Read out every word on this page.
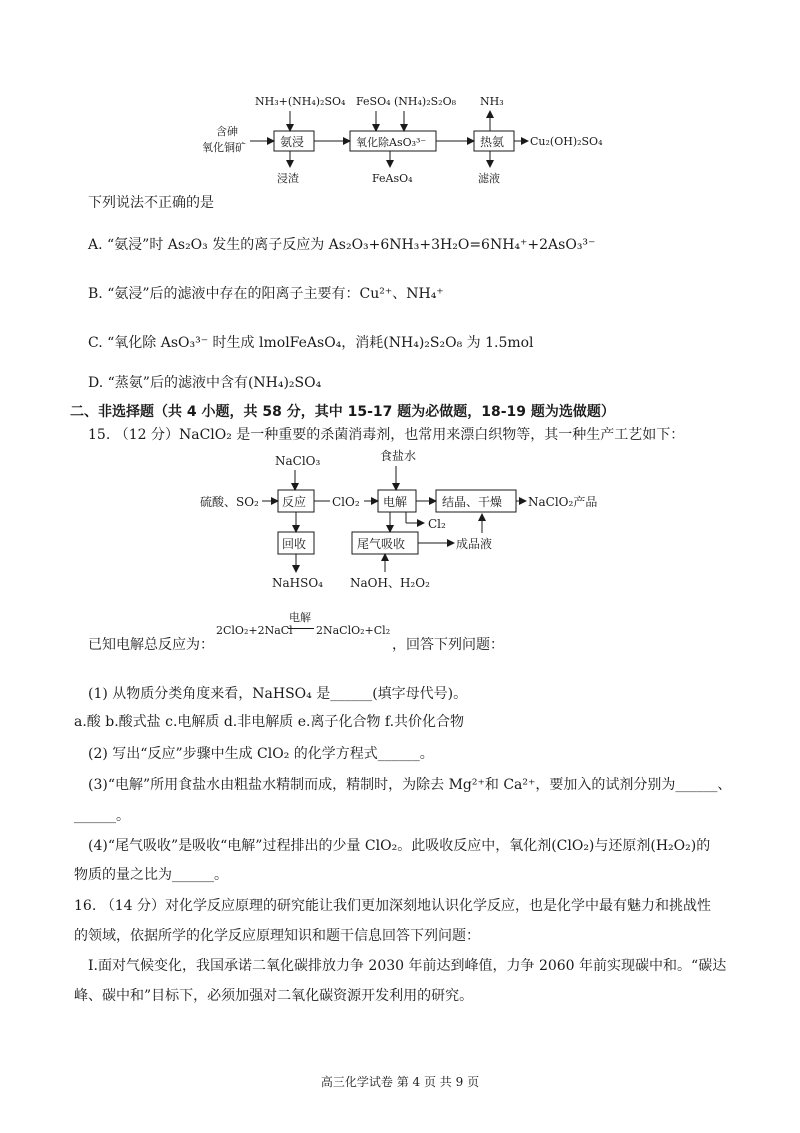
NH₃+(NH₄)₂SO₄ FeSO₄ (NH₄)₂S₂O₈ NH₃
含砷
氧化铜矿	氨浸
浸渣
氧化除AsO₃³⁻
FeAsO₄
热氨
滤液
Cu₂(OH)₂SO₄
下列说法不正确的是
A. “氨浸”时 As₂O₃ 发生的离子反应为 As₂O₃+6NH₃+3H₂O=6NH₄⁺+2AsO₃³⁻
B. “氨浸”后的滤液中存在的阳离子主要有：Cu²⁺、NH₄⁺
C. “氧化除 AsO₃³⁻ 时生成 lmolFeAsO₄，消耗(NH₄)₂S₂O₈ 为 1.5mol
D. “蒸氨”后的滤液中含有(NH₄)₂SO₄
二、非选择题（共 4 小题，共 58 分，其中 15-17 题为必做题，18-19 题为选做题）
15. （12 分）NaClO₂ 是一种重要的杀菌消毒剂，也常用来漂白织物等，其一种生产工艺如下：
NaClO₃	食盐水
硫酸、SO₂ 反应 ClO₂ 电解	结晶、干燥 NaClO₂产品
Cl₂
回收	尾气吸收	成品液
NaHSO₄ NaOH、H₂O₂
已知电解总反应为：
2ClO₂+2NaCl
电解
2NaClO₂+Cl₂
，回答下列问题：
(1) 从物质分类角度来看，NaHSO₄ 是______(填字母代号)。
a.酸 b.酸式盐 c.电解质 d.非电解质 e.离子化合物 f.共价化合物
(2) 写出“反应”步骤中生成 ClO₂ 的化学方程式______。
(3)“电解”所用食盐水由粗盐水精制而成，精制时，为除去 Mg²⁺和 Ca²⁺，要加入的试剂分别为______、
______。
(4)“尾气吸收”是吸收“电解”过程排出的少量 ClO₂。此吸收反应中，氧化剂(ClO₂)与还原剂(H₂O₂)的
物质的量之比为______。
16. （14 分）对化学反应原理的研究能让我们更加深刻地认识化学反应，也是化学中最有魅力和挑战性
的领域，依据所学的化学反应原理知识和题干信息回答下列问题：
Ⅰ.面对气候变化，我国承诺二氧化碳排放力争 2030 年前达到峰值，力争 2060 年前实现碳中和。“碳达
峰、碳中和”目标下，必须加强对二氧化碳资源开发利用的研究。
高三化学试卷 第 4 页 共 9 页
